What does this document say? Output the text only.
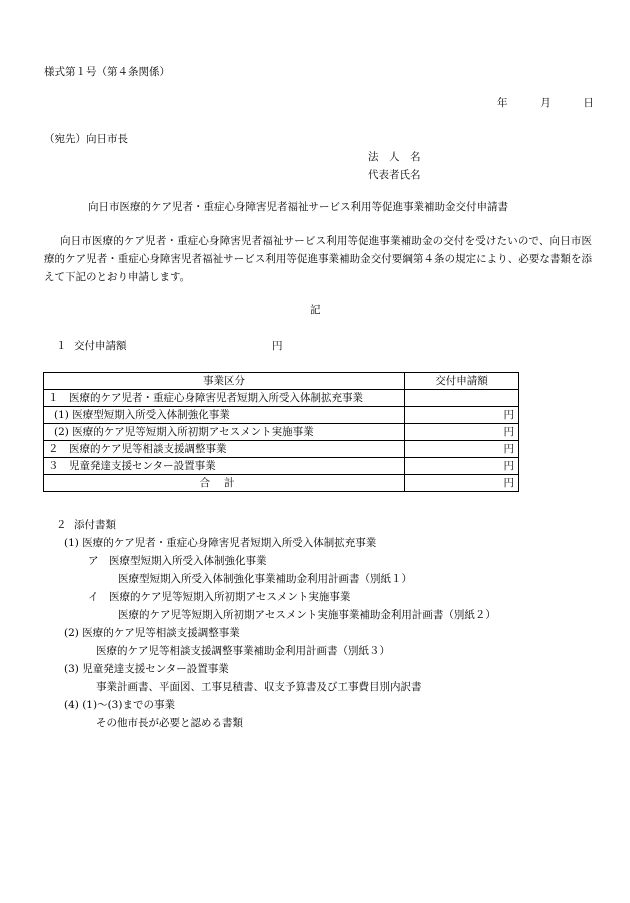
様式第１号（第４条関係）
年	月	日
（宛先）向日市長
法　人　名
代表者氏名
向日市医療的ケア児者・重症心身障害児者福祉サービス利用等促進事業補助金交付申請書
向日市医療的ケア児者・重症心身障害児者福祉サービス利用等促進事業補助金の交付を受けたいので、向日市医療的ケア児者・重症心身障害児者福祉サービス利用等促進事業補助金交付要綱第４条の規定により、必要な書類を添えて下記のとおり申請します。
記
１ 交付申請額	円
事業区分	交付申請額
１　医療的ケア児者・重症心身障害児者短期入所受入体制拡充事業	
(1) 医療型短期入所受入体制強化事業	円
(2) 医療的ケア児等短期入所初期アセスメント実施事業	円
２　医療的ケア児等相談支援調整事業	円
３　児童発達支援センター設置事業	円
合計	円
２ 添付書類
(1) 医療的ケア児者・重症心身障害児者短期入所受入体制拡充事業
ア　医療型短期入所受入体制強化事業
医療型短期入所受入体制強化事業補助金利用計画書（別紙１）
イ　医療的ケア児等短期入所初期アセスメント実施事業
医療的ケア児等短期入所初期アセスメント実施事業補助金利用計画書（別紙２）
(2) 医療的ケア児等相談支援調整事業
医療的ケア児等相談支援調整事業補助金利用計画書（別紙３）
(3) 児童発達支援センター設置事業
事業計画書、平面図、工事見積書、収支予算書及び工事費目別内訳書
(4) (1)～(3)までの事業
その他市長が必要と認める書類
